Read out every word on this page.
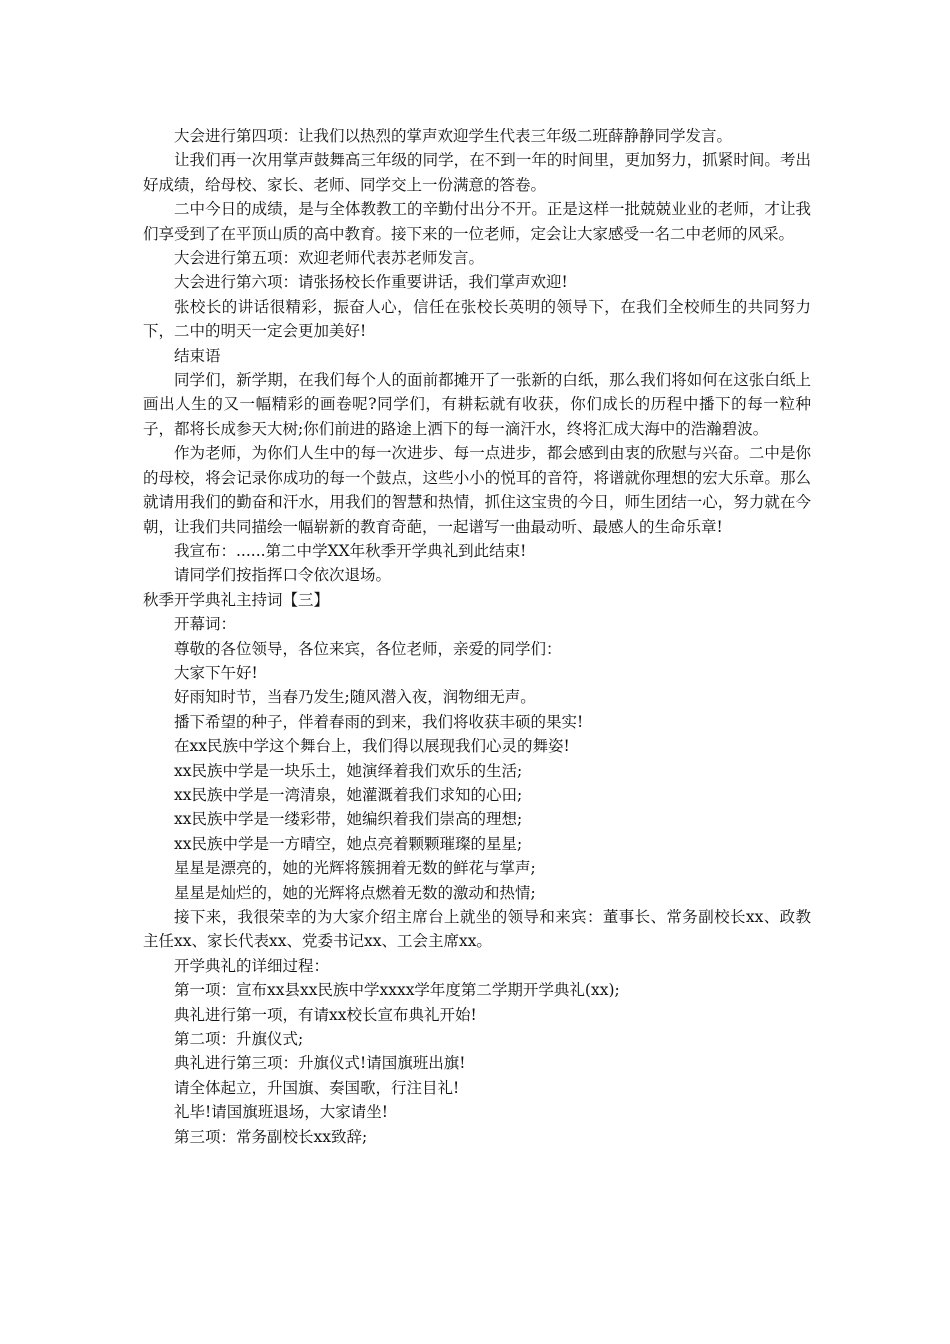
大会进行第四项：让我们以热烈的掌声欢迎学生代表三年级二班薛静静同学发言。

让我们再一次用掌声鼓舞高三年级的同学，在不到一年的时间里，更加努力，抓紧时间。考出好成绩，给母校、家长、老师、同学交上一份满意的答卷。

二中今日的成绩，是与全体教教工的辛勤付出分不开。正是这样一批兢兢业业的老师，才让我们享受到了在平顶山质的高中教育。接下来的一位老师，定会让大家感受一名二中老师的风采。

大会进行第五项：欢迎老师代表苏老师发言。

大会进行第六项：请张扬校长作重要讲话，我们掌声欢迎!

张校长的讲话很精彩，振奋人心，信任在张校长英明的领导下，在我们全校师生的共同努力下，二中的明天一定会更加美好!

结束语

同学们，新学期，在我们每个人的面前都摊开了一张新的白纸，那么我们将如何在这张白纸上画出人生的又一幅精彩的画卷呢?同学们，有耕耘就有收获，你们成长的历程中播下的每一粒种子，都将长成参天大树;你们前进的路途上洒下的每一滴汗水，终将汇成大海中的浩瀚碧波。

作为老师，为你们人生中的每一次进步、每一点进步，都会感到由衷的欣慰与兴奋。二中是你的母校，将会记录你成功的每一个鼓点，这些小小的悦耳的音符，将谱就你理想的宏大乐章。那么就请用我们的勤奋和汗水，用我们的智慧和热情，抓住这宝贵的今日，师生团结一心，努力就在今朝，让我们共同描绘一幅崭新的教育奇葩，一起谱写一曲最动听、最感人的生命乐章!

我宣布：......第二中学XX年秋季开学典礼到此结束!

请同学们按指挥口令依次退场。

秋季开学典礼主持词【三】

开幕词：

尊敬的各位领导，各位来宾，各位老师，亲爱的同学们：

大家下午好!

好雨知时节，当春乃发生;随风潜入夜，润物细无声。

播下希望的种子，伴着春雨的到来，我们将收获丰硕的果实!

在xx民族中学这个舞台上，我们得以展现我们心灵的舞姿!

xx民族中学是一块乐土，她演绎着我们欢乐的生活;

xx民族中学是一湾清泉，她灌溉着我们求知的心田;

xx民族中学是一缕彩带，她编织着我们崇高的理想;

xx民族中学是一方晴空，她点亮着颗颗璀璨的星星;

星星是漂亮的，她的光辉将簇拥着无数的鲜花与掌声;

星星是灿烂的，她的光辉将点燃着无数的激动和热情;

接下来，我很荣幸的为大家介绍主席台上就坐的领导和来宾：董事长、常务副校长xx、政教主任xx、家长代表xx、党委书记xx、工会主席xx。

开学典礼的详细过程：

第一项：宣布xx县xx民族中学xxxx学年度第二学期开学典礼(xx);

典礼进行第一项，有请xx校长宣布典礼开始!

第二项：升旗仪式;

典礼进行第三项：升旗仪式!请国旗班出旗!

请全体起立，升国旗、奏国歌，行注目礼!

礼毕!请国旗班退场，大家请坐!

第三项：常务副校长xx致辞;
